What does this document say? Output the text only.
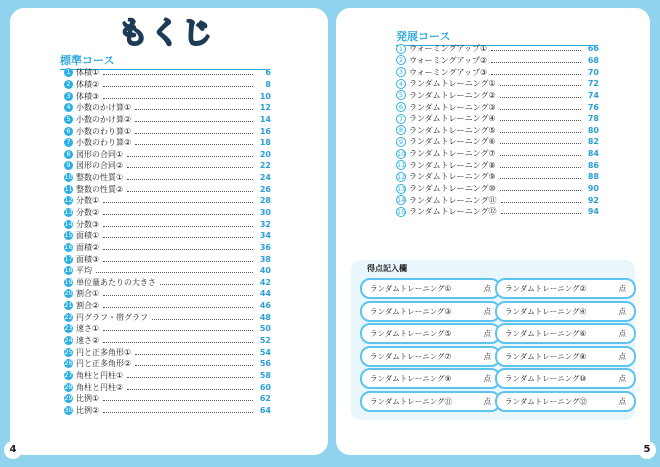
もくじ
標準コース
1 体積①	6
2 体積②	8
3 体積③	10
4 小数のかけ算①	12
5 小数のかけ算②	14
6 小数のわり算①	16
7 小数のわり算②	18
8 図形の合同①	20
9 図形の合同②	22
10 整数の性質①	24
11 整数の性質②	26
12 分数①	28
13 分数②	30
14 分数③	32
15 面積①	34
16 面積②	36
17 面積③	38
18 平均	40
19 単位量あたりの大きさ	42
20 割合①	44
21 割合②	46
22 円グラフ・帯グラフ	48
23 速さ①	50
24 速さ②	52
25 円と正多角形①	54
26 円と正多角形②	56
27 角柱と円柱①	58
28 角柱と円柱②	60
29 比例①	62
30 比例②	64
発展コース
1 ウォーミングアップ①	66
2 ウォーミングアップ②	68
3 ウォーミングアップ③	70
4 ランダムトレーニング①	72
5 ランダムトレーニング②	74
6 ランダムトレーニング③	76
7 ランダムトレーニング④	78
8 ランダムトレーニング⑤	80
9 ランダムトレーニング⑥	82
10 ランダムトレーニング⑦	84
11 ランダムトレーニング⑧	86
12 ランダムトレーニング⑨	88
13 ランダムトレーニング⑩	90
14 ランダムトレーニング⑪	92
15 ランダムトレーニング⑫	94
得点記入欄
ランダムトレーニング①	点	ランダムトレーニング②	点
ランダムトレーニング③	点	ランダムトレーニング④	点
ランダムトレーニング⑤	点	ランダムトレーニング⑥	点
ランダムトレーニング⑦	点	ランダムトレーニング⑧	点
ランダムトレーニング⑨	点	ランダムトレーニング⑩	点
ランダムトレーニング⑪	点	ランダムトレーニング⑫	点
4	5
